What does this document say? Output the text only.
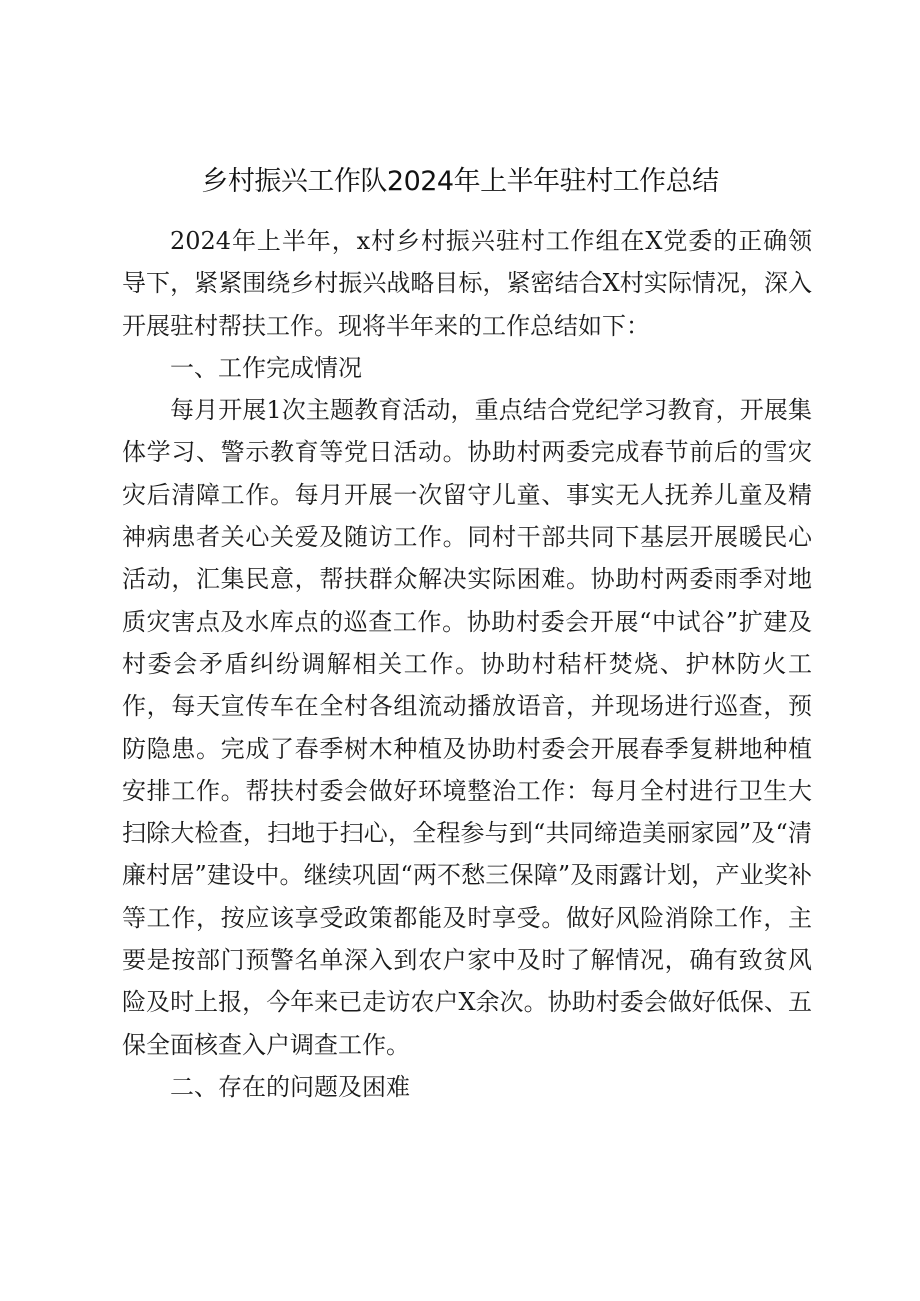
乡村振兴工作队2024年上半年驻村工作总结

2024年上半年，x村乡村振兴驻村工作组在X党委的正确领导下，紧紧围绕乡村振兴战略目标，紧密结合X村实际情况，深入开展驻村帮扶工作。现将半年来的工作总结如下：

一、工作完成情况

每月开展1次主题教育活动，重点结合党纪学习教育，开展集体学习、警示教育等党日活动。协助村两委完成春节前后的雪灾灾后清障工作。每月开展一次留守儿童、事实无人抚养儿童及精神病患者关心关爱及随访工作。同村干部共同下基层开展暖民心活动，汇集民意，帮扶群众解决实际困难。协助村两委雨季对地质灾害点及水库点的巡查工作。协助村委会开展“中试谷”扩建及村委会矛盾纠纷调解相关工作。协助村秸杆焚烧、护林防火工作，每天宣传车在全村各组流动播放语音，并现场进行巡查，预防隐患。完成了春季树木种植及协助村委会开展春季复耕地种植安排工作。帮扶村委会做好环境整治工作：每月全村进行卫生大扫除大检查，扫地于扫心，全程参与到“共同缔造美丽家园”及“清廉村居”建设中。继续巩固“两不愁三保障”及雨露计划，产业奖补等工作，按应该享受政策都能及时享受。做好风险消除工作，主要是按部门预警名单深入到农户家中及时了解情况，确有致贫风险及时上报，今年来已走访农户X余次。协助村委会做好低保、五保全面核查入户调查工作。

二、存在的问题及困难
